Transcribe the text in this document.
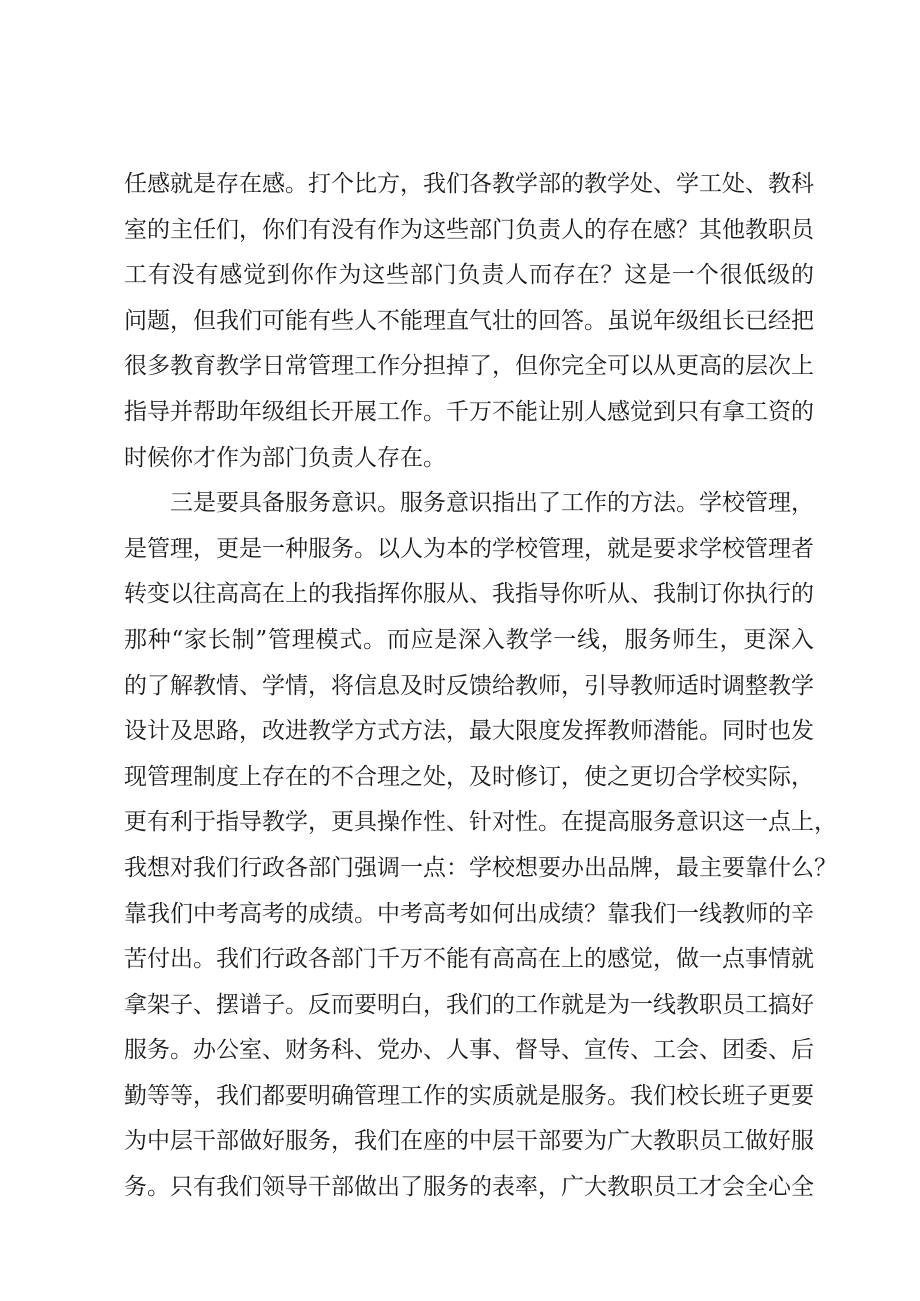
任感就是存在感。打个比方，我们各教学部的教学处、学工处、教科
室的主任们，你们有没有作为这些部门负责人的存在感？其他教职员
工有没有感觉到你作为这些部门负责人而存在？这是一个很低级的
问题，但我们可能有些人不能理直气壮的回答。虽说年级组长已经把
很多教育教学日常管理工作分担掉了，但你完全可以从更高的层次上
指导并帮助年级组长开展工作。千万不能让别人感觉到只有拿工资的
时候你才作为部门负责人存在。
三是要具备服务意识。服务意识指出了工作的方法。学校管理，
是管理，更是一种服务。以人为本的学校管理，就是要求学校管理者
转变以往高高在上的我指挥你服从、我指导你听从、我制订你执行的
那种“家长制”管理模式。而应是深入教学一线，服务师生，更深入
的了解教情、学情，将信息及时反馈给教师，引导教师适时调整教学
设计及思路，改进教学方式方法，最大限度发挥教师潜能。同时也发
现管理制度上存在的不合理之处，及时修订，使之更切合学校实际，
更有利于指导教学，更具操作性、针对性。在提高服务意识这一点上，
我想对我们行政各部门强调一点：学校想要办出品牌，最主要靠什么？
靠我们中考高考的成绩。中考高考如何出成绩？靠我们一线教师的辛
苦付出。我们行政各部门千万不能有高高在上的感觉，做一点事情就
拿架子、摆谱子。反而要明白，我们的工作就是为一线教职员工搞好
服务。办公室、财务科、党办、人事、督导、宣传、工会、团委、后
勤等等，我们都要明确管理工作的实质就是服务。我们校长班子更要
为中层干部做好服务，我们在座的中层干部要为广大教职员工做好服
务。只有我们领导干部做出了服务的表率，广大教职员工才会全心全
